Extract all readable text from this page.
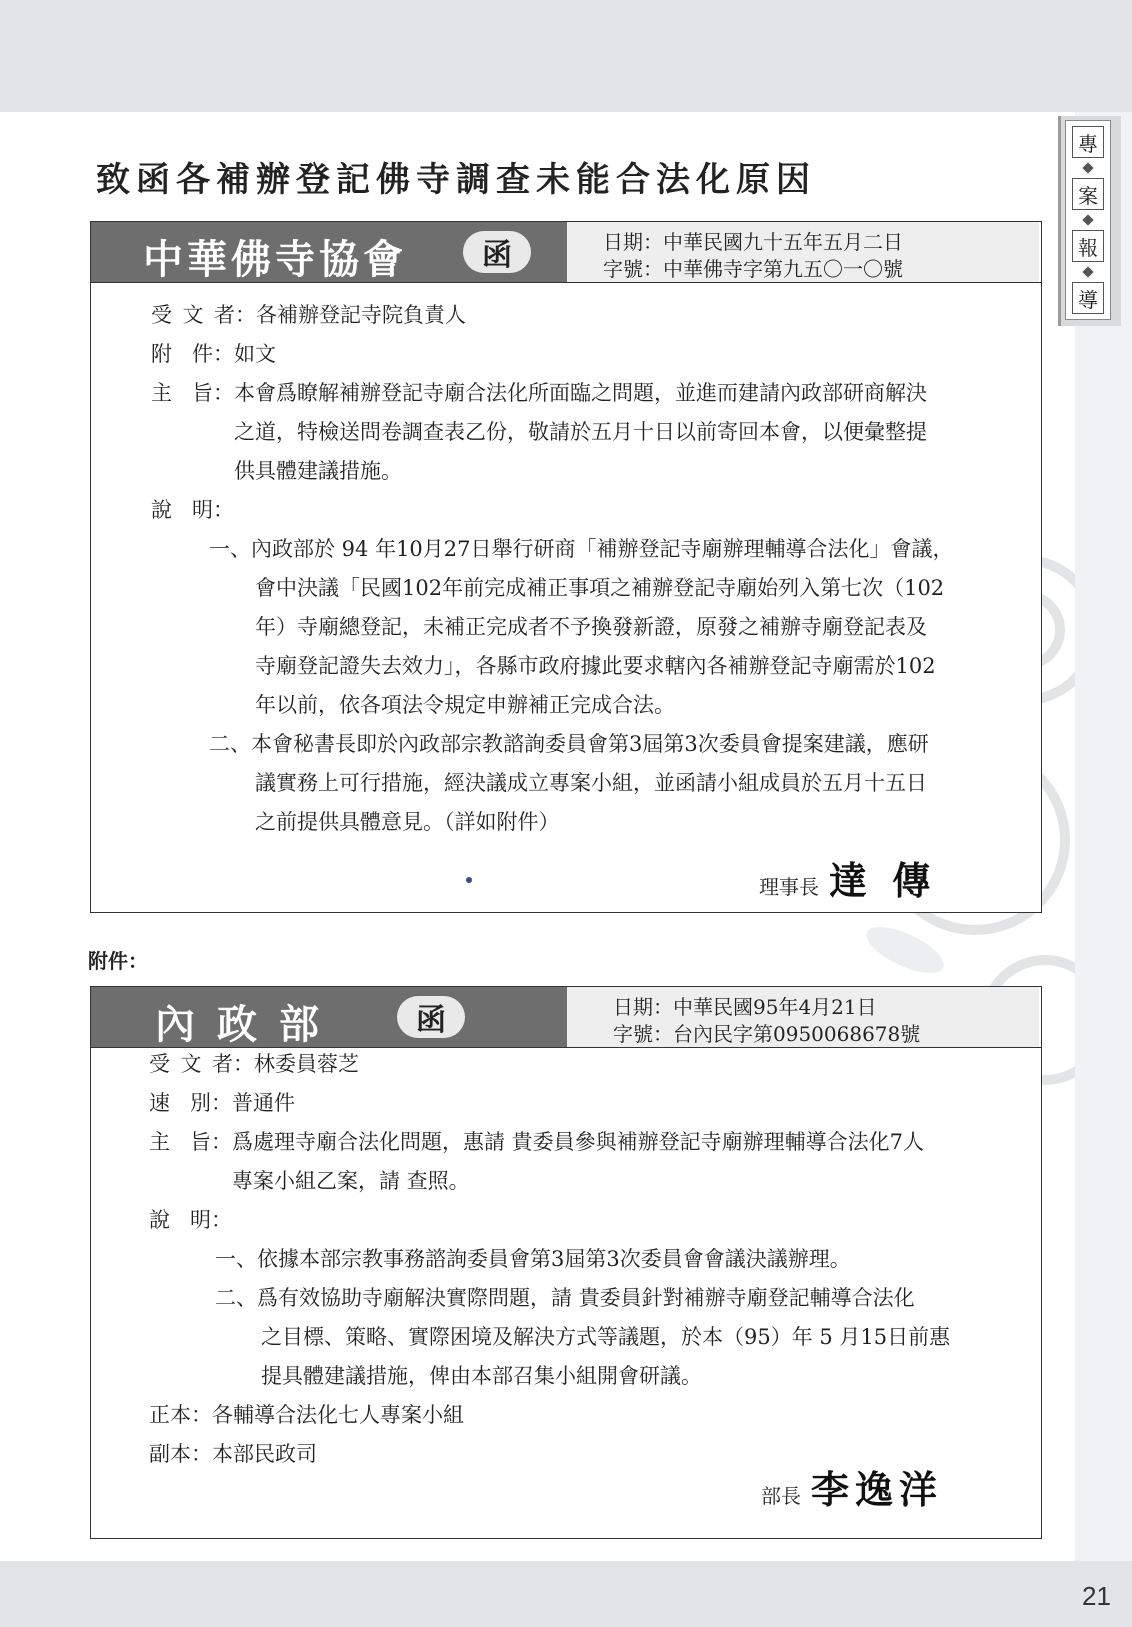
專
案
報
導
致函各補辦登記佛寺調查未能合法化原因
中華佛寺協會	函	日期：中華民國九十五年五月二日
字號：中華佛寺字第九五〇一〇號
受文者：各補辦登記寺院負責人
附件：如文
主旨：本會爲瞭解補辦登記寺廟合法化所面臨之問題，並進而建請內政部研商解決
之道，特檢送問卷調查表乙份，敬請於五月十日以前寄回本會，以便彙整提
供具體建議措施。
說明：
一、內政部於 94 年10月27日舉行研商「補辦登記寺廟辦理輔導合法化」會議，
會中決議「民國102年前完成補正事項之補辦登記寺廟始列入第七次（102
年）寺廟總登記，未補正完成者不予換發新證，原發之補辦寺廟登記表及
寺廟登記證失去效力」，各縣市政府據此要求轄內各補辦登記寺廟需於102
年以前，依各項法令規定申辦補正完成合法。
二、本會秘書長即於內政部宗教諮詢委員會第3屆第3次委員會提案建議，應研
議實務上可行措施，經決議成立專案小組，並函請小組成員於五月十五日
之前提供具體意見。（詳如附件）
理事長 達 傳
附件：
內政部	函	日期：中華民國95年4月21日
字號：台內民字第0950068678號
受文者：林委員蓉芝
速別：普通件
主旨：爲處理寺廟合法化問題，惠請 貴委員參與補辦登記寺廟辦理輔導合法化7人
專案小組乙案，請 查照。
說明：
一、依據本部宗教事務諮詢委員會第3屆第3次委員會會議決議辦理。
二、爲有效協助寺廟解決實際問題，請 貴委員針對補辦寺廟登記輔導合法化
之目標、策略、實際困境及解決方式等議題，於本（95）年 5 月15日前惠
提具體建議措施，俾由本部召集小組開會研議。
正本：各輔導合法化七人專案小組
副本：本部民政司
部長 李逸洋
21
